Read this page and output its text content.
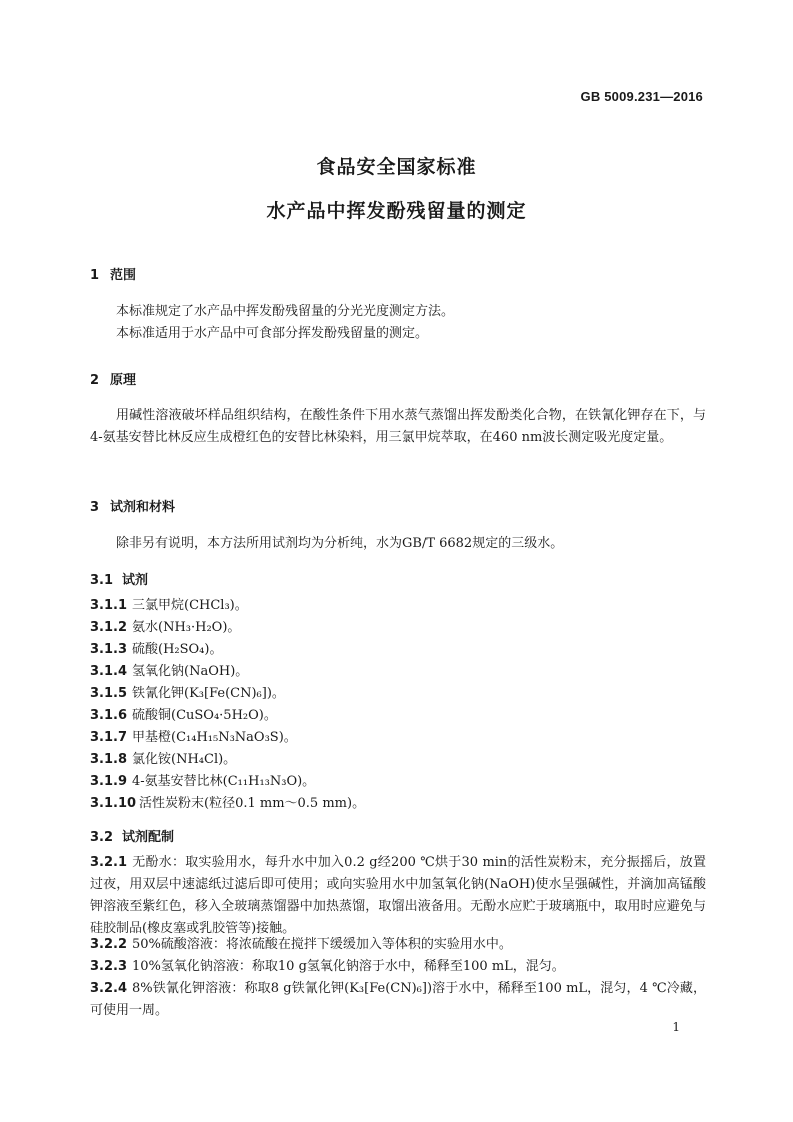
GB 5009.231—2016
食品安全国家标准
水产品中挥发酚残留量的测定
1 范围
本标准规定了水产品中挥发酚残留量的分光光度测定方法。
本标准适用于水产品中可食部分挥发酚残留量的测定。
2 原理
用碱性溶液破坏样品组织结构，在酸性条件下用水蒸气蒸馏出挥发酚类化合物，在铁氰化钾存在下，与4-氨基安替比林反应生成橙红色的安替比林染料，用三氯甲烷萃取，在460 nm波长测定吸光度定量。
3 试剂和材料
除非另有说明，本方法所用试剂均为分析纯，水为GB/T 6682规定的三级水。
3.1 试剂
3.1.1 三氯甲烷(CHCl₃)。
3.1.2 氨水(NH₃·H₂O)。
3.1.3 硫酸(H₂SO₄)。
3.1.4 氢氧化钠(NaOH)。
3.1.5 铁氰化钾(K₃[Fe(CN)₆])。
3.1.6 硫酸铜(CuSO₄·5H₂O)。
3.1.7 甲基橙(C₁₄H₁₅N₃NaO₃S)。
3.1.8 氯化铵(NH₄Cl)。
3.1.9 4-氨基安替比林(C₁₁H₁₃N₃O)。
3.1.10 活性炭粉末(粒径0.1 mm～0.5 mm)。
3.2 试剂配制
3.2.1 无酚水：取实验用水，每升水中加入0.2 g经200 ℃烘于30 min的活性炭粉末，充分振摇后，放置过夜，用双层中速滤纸过滤后即可使用；或向实验用水中加氢氧化钠(NaOH)使水呈强碱性，并滴加高锰酸钾溶液至紫红色，移入全玻璃蒸馏器中加热蒸馏，取馏出液备用。无酚水应贮于玻璃瓶中，取用时应避免与硅胶制品(橡皮塞或乳胶管等)接触。
3.2.2 50%硫酸溶液：将浓硫酸在搅拌下缓缓加入等体积的实验用水中。
3.2.3 10%氢氧化钠溶液：称取10 g氢氧化钠溶于水中，稀释至100 mL，混匀。
3.2.4 8%铁氰化钾溶液：称取8 g铁氰化钾(K₃[Fe(CN)₆])溶于水中，稀释至100 mL，混匀，4 ℃冷藏，可使用一周。
1
